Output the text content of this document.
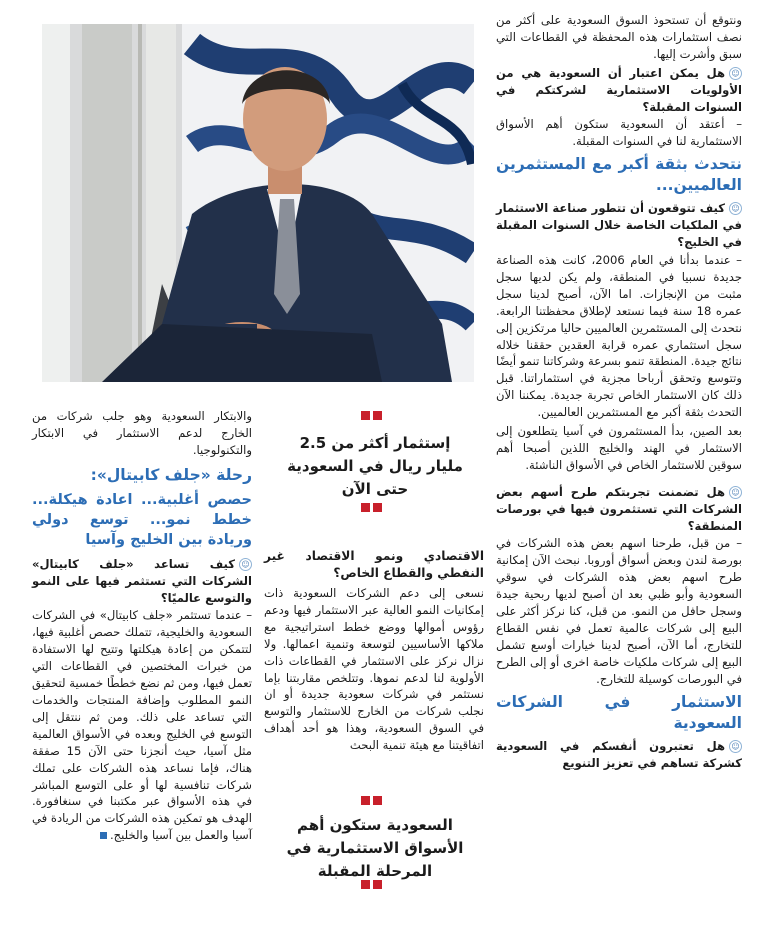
ونتوقع أن تستحوذ السوق السعودية على أكثر من نصف استثمارات هذه المحفظة في القطاعات التي سبق وأشرت إليها.

☺هل يمكن اعتبار أن السعودية هي من الأولويات الاستثمارية لشركتكم في السنوات المقبلة؟

– أعتقد أن السعودية ستكون أهم الأسواق الاستثمارية لنا في السنوات المقبلة.

نتحدث بثقة أكبر مع المستثمرين العالميين...

☺كيف تتوقعون أن تتطور صناعة الاستثمار في الملكيات الخاصة خلال السنوات المقبلة في الخليج؟

– عندما بدأنا في العام 2006، كانت هذه الصناعة جديدة نسبيا في المنطقة، ولم يكن لديها سجل مثبت من الإنجازات. اما الآن، أصبح لدينا سجل عمره 18 سنة فيما نستعد لإطلاق محفظتنا الرابعة. نتحدث إلى المستثمرين العالميين حاليا مرتكزين إلى سجل استثماري عمره قرابة العقدين حققنا خلاله نتائج جيدة. المنطقة تنمو بسرعة وشركاتنا تنمو أيضًا وتتوسع وتحقق أرباحا مجزية في استثماراتنا. قبل ذلك كان الاستثمار الخاص تجربة جديدة. يمكننا الآن التحدث بثقة أكبر مع المستثمرين العالميين.

بعد الصين، بدأ المستثمرون في آسيا يتطلعون إلى الاستثمار في الهند والخليج اللذين أصبحا أهم سوقين للاستثمار الخاص في الأسواق الناشئة.

☺هل تضمنت تجربتكم طرح أسهم بعض الشركات التي تستثمرون فيها في بورصات المنطقة؟

– من قبل، طرحنا اسهم بعض هذه الشركات في بورصة لندن وبعض أسواق أوروبا. نبحث الآن إمكانية طرح اسهم بعض هذه الشركات في سوقي السعودية وأبو ظبي بعد ان أصبح لديها ربحية جيدة وسجل حافل من النمو. من قبل، كنا نركز أكثر على البيع إلى شركات عالمية تعمل في نفس القطاع للتخارج، أما الآن، أصبح لدينا خيارات أوسع تشمل البيع إلى شركات ملكيات خاصة اخرى أو إلى الطرح في البورصات كوسيلة للتخارج.

الاستثمار في الشركات السعودية

☺هل تعتبرون أنفسكم في السعودية كشركة تساهم في تعزيز التنويع

إستثمار أكثر من 2.5 مليار ريال في السعودية حتى الآن
الاقتصادي ونمو الاقتصاد غير النفطي والقطاع الخاص؟

نسعى إلى دعم الشركات السعودية ذات إمكانيات النمو العالية عبر الاستثمار فيها ودعم رؤوس أموالها ووضع خطط استراتيجية مع ملاكها الأساسيين لتوسعة وتنمية اعمالها. ولا نزال نركز على الاستثمار في القطاعات ذات الأولوية لنا لدعم نموها. وتتلخص مقاربتنا بإما نستثمر في شركات سعودية جديدة أو ان نجلب شركات من الخارج للاستثمار والتوسع في السوق السعودية، وهذا هو أحد أهداف اتفاقيتنا مع هيئة تنمية البحث

السعودية ستكون أهم الأسواق الاستثمارية في المرحلة المقبلة

والابتكار السعودية وهو جلب شركات من الخارج لدعم الاستثمار في الابتكار والتكنولوجيا.

رحلة «جلف كابيتال»:
حصص أغلبية... اعادة هيكلة... خطط نمو... توسع دولي وريادة بين الخليج وآسيا

☺كيف تساعد «جلف كابيتال» الشركات التي تستثمر فيها على النمو والتوسع عالميًا؟

– عندما تستثمر «جلف كابيتال» في الشركات السعودية والخليجية، تتملك حصص أغلبية فيها، لتتمكن من إعادة هيكلتها وتتيح لها الاستفادة من خبرات المختصين في القطاعات التي تعمل فيها، ومن ثم نضع خططًا خمسية لتحقيق النمو المطلوب وإضافة المنتجات والخدمات التي تساعد على ذلك. ومن ثم ننتقل إلى التوسع في الخليج وبعده في الأسواق العالمية مثل آسيا، حيث أنجزنا حتى الآن 15 صفقة هناك، فإما نساعد هذه الشركات على تملك شركات تنافسية لها أو على التوسع المباشر في هذه الأسواق عبر مكتبنا في سنغافورة. الهدف هو تمكين هذه الشركات من الريادة في آسيا والعمل بين آسيا والخليج.
